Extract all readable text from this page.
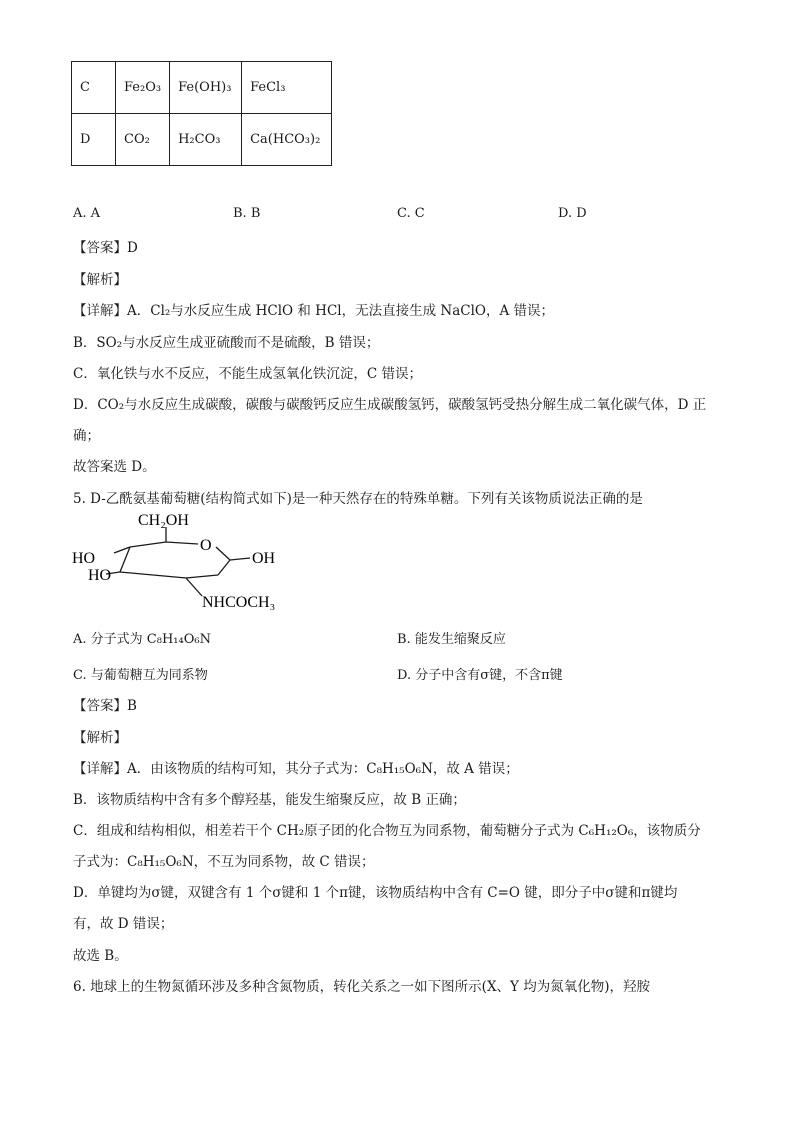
C	Fe₂O₃	Fe(OH)₃	FeCl₃
D	CO₂	H₂CO₃	Ca(HCO₃)₂
A. A	B. B	C. C	D. D
【答案】D
【解析】
【详解】A．Cl₂与水反应生成 HClO 和 HCl，无法直接生成 NaClO，A 错误；
B．SO₂与水反应生成亚硫酸而不是硫酸，B 错误；
C．氧化铁与水不反应，不能生成氢氧化铁沉淀，C 错误；
D．CO₂与水反应生成碳酸，碳酸与碳酸钙反应生成碳酸氢钙，碳酸氢钙受热分解生成二氧化碳气体，D 正
确；
故答案选 D。
5. D-乙酰氨基葡萄糖(结构简式如下)是一种天然存在的特殊单糖。下列有关该物质说法正确的是
CH₂OH
O
OH
HO
HO
NHCOCH₃
A. 分子式为 C₈H₁₄O₆N	B. 能发生缩聚反应
C. 与葡萄糖互为同系物	D. 分子中含有σ键，不含π键
【答案】B
【解析】
【详解】A．由该物质的结构可知，其分子式为：C₈H₁₅O₆N，故 A 错误；
B．该物质结构中含有多个醇羟基，能发生缩聚反应，故 B 正确；
C．组成和结构相似，相差若干个 CH₂原子团的化合物互为同系物，葡萄糖分子式为 C₆H₁₂O₆，该物质分
子式为：C₈H₁₅O₆N，不互为同系物，故 C 错误；
D．单键均为σ键，双键含有 1 个σ键和 1 个π键，该物质结构中含有 C=O 键，即分子中σ键和π键均
有，故 D 错误；
故选 B。
6. 地球上的生物氮循环涉及多种含氮物质，转化关系之一如下图所示(X、Y 均为氮氧化物)，羟胺
